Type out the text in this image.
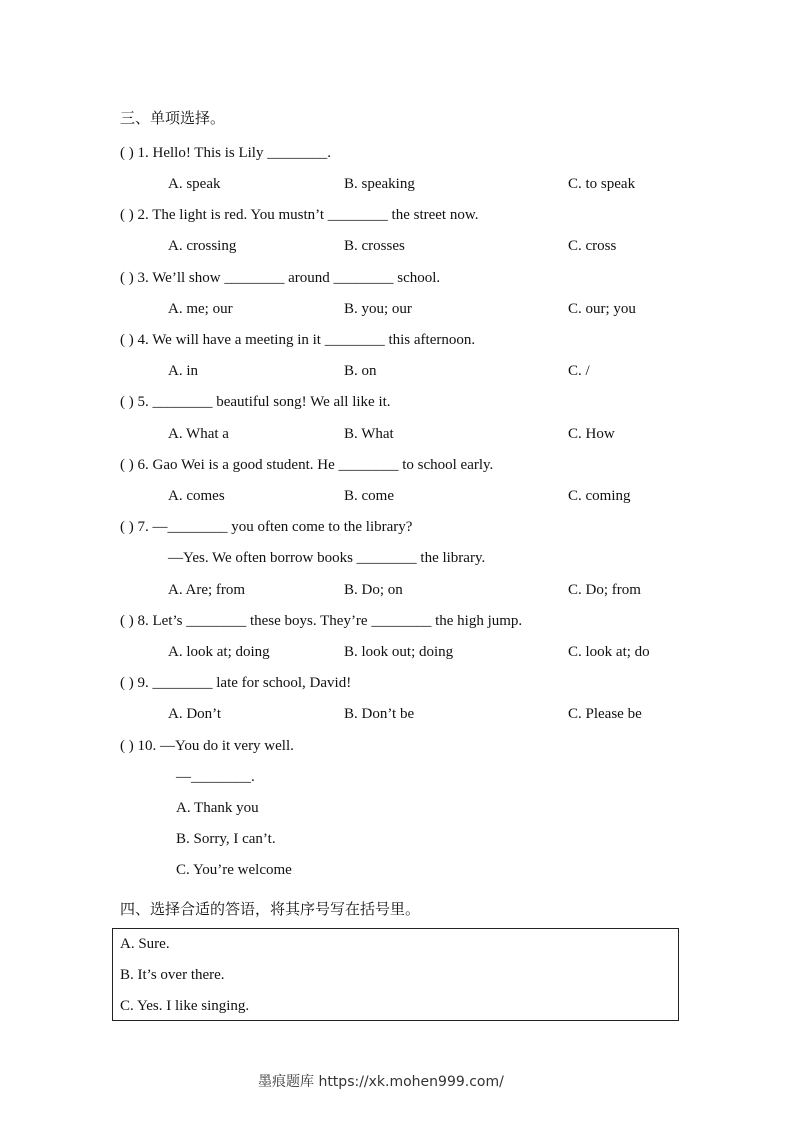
三、单项选择。
( ) 1. Hello! This is Lily ________.
A. speak	B. speaking	C. to speak
( ) 2. The light is red. You mustn’t ________ the street now.
A. crossing	B. crosses	C. cross
( ) 3. We’ll show ________ around ________ school.
A. me; our	B. you; our	C. our; you
( ) 4. We will have a meeting in it ________ this afternoon.
A. in	B. on	C. /
( ) 5. ________ beautiful song! We all like it.
A. What a	B. What	C. How
( ) 6. Gao Wei is a good student. He ________ to school early.
A. comes	B. come	C. coming
( ) 7. —________ you often come to the library?
—Yes. We often borrow books ________ the library.
A. Are; from	B. Do; on	C. Do; from
( ) 8. Let’s ________ these boys. They’re ________ the high jump.
A. look at; doing	B. look out; doing	C. look at; do
( ) 9. ________ late for school, David!
A. Don’t	B. Don’t be	C. Please be
( ) 10. —You do it very well.
—________.
A. Thank you
B. Sorry, I can’t.
C. You’re welcome
四、选择合适的答语，将其序号写在括号里。
A. Sure.
B. It’s over there.
C. Yes. I like singing.
墨痕题库 https://xk.mohen999.com/
